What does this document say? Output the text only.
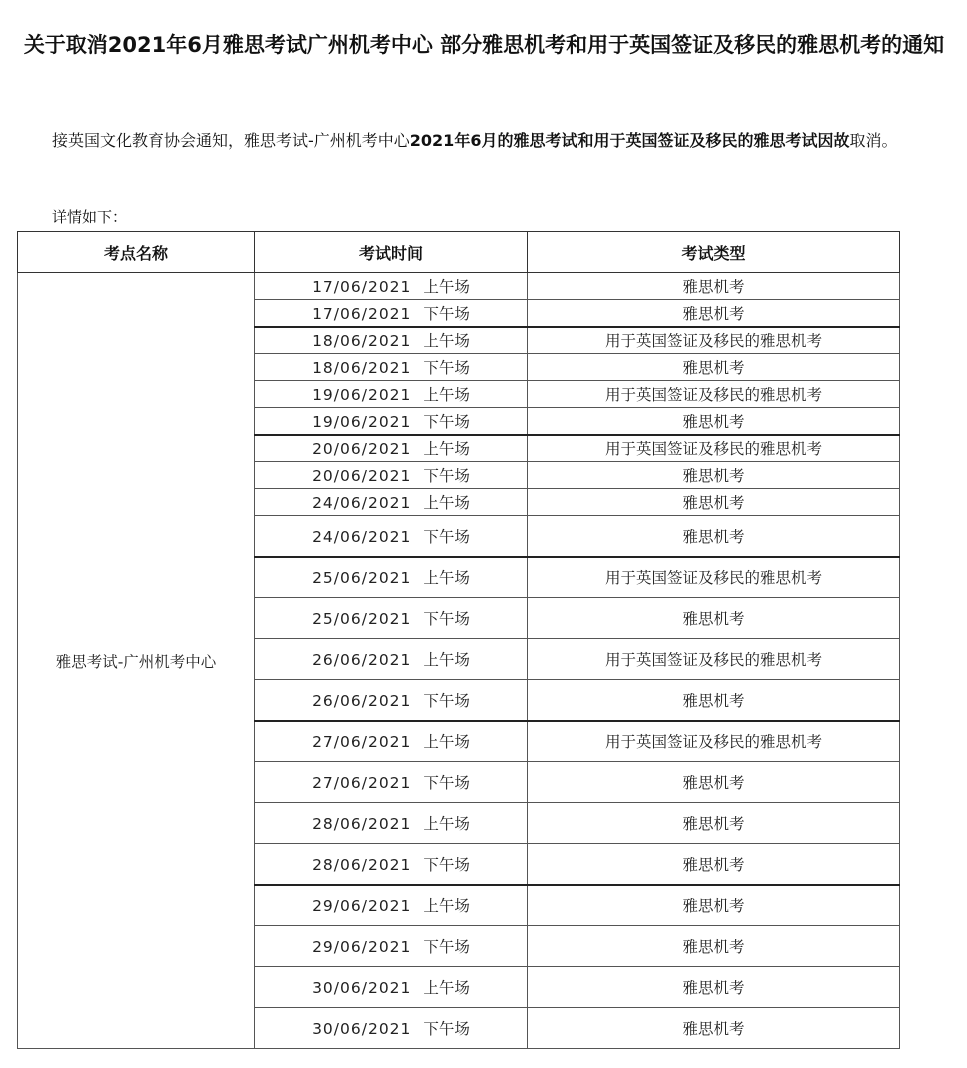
关于取消2021年6月雅思考试广州机考中心 部分雅思机考和用于英国签证及移民的雅思机考的通知

接英国文化教育协会通知，雅思考试-广州机考中心2021年6月的雅思考试和用于英国签证及移民的雅思考试因故取消。

详情如下：
考点名称	考试时间	考试类型
雅思考试-广州机考中心	17/06/2021 上午场	雅思机考
	17/06/2021 下午场	雅思机考
	18/06/2021 上午场	用于英国签证及移民的雅思机考
	18/06/2021 下午场	雅思机考
	19/06/2021 上午场	用于英国签证及移民的雅思机考
	19/06/2021 下午场	雅思机考
	20/06/2021 上午场	用于英国签证及移民的雅思机考
	20/06/2021 下午场	雅思机考
	24/06/2021 上午场	雅思机考
	24/06/2021 下午场	雅思机考
	25/06/2021 上午场	用于英国签证及移民的雅思机考
	25/06/2021 下午场	雅思机考
	26/06/2021 上午场	用于英国签证及移民的雅思机考
	26/06/2021 下午场	雅思机考
	27/06/2021 上午场	用于英国签证及移民的雅思机考
	27/06/2021 下午场	雅思机考
	28/06/2021 上午场	雅思机考
	28/06/2021 下午场	雅思机考
	29/06/2021 上午场	雅思机考
	29/06/2021 下午场	雅思机考
	30/06/2021 上午场	雅思机考
	30/06/2021 下午场	雅思机考
